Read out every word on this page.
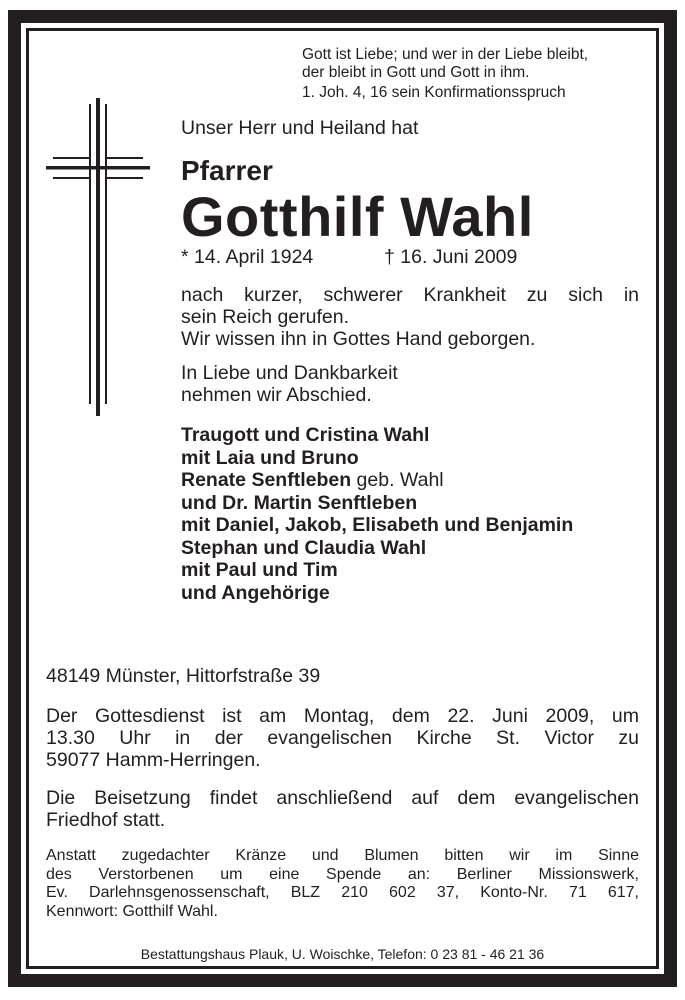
Gott ist Liebe; und wer in der Liebe bleibt,
der bleibt in Gott und Gott in ihm.
1. Joh. 4, 16 sein Konfirmationsspruch
Unser Herr und Heiland hat
Pfarrer
Gotthilf Wahl
* 14. April 1924	† 16. Juni 2009
nach kurzer, schwerer Krankheit zu sich in
sein Reich gerufen.
Wir wissen ihn in Gottes Hand geborgen.
In Liebe und Dankbarkeit
nehmen wir Abschied.
Traugott und Cristina Wahl
mit Laia und Bruno
Renate Senftleben geb. Wahl
und Dr. Martin Senftleben
mit Daniel, Jakob, Elisabeth und Benjamin
Stephan und Claudia Wahl
mit Paul und Tim
und Angehörige
48149 Münster, Hittorfstraße 39
Der Gottesdienst ist am Montag, dem 22. Juni 2009, um
13.30 Uhr in der evangelischen Kirche St. Victor zu
59077 Hamm-Herringen.
Die Beisetzung findet anschließend auf dem evangelischen
Friedhof statt.
Anstatt zugedachter Kränze und Blumen bitten wir im Sinne
des Verstorbenen um eine Spende an: Berliner Missionswerk,
Ev. Darlehnsgenossenschaft, BLZ 210 602 37, Konto-Nr. 71 617,
Kennwort: Gotthilf Wahl.
Bestattungshaus Plauk, U. Woischke, Telefon: 0 23 81 - 46 21 36
